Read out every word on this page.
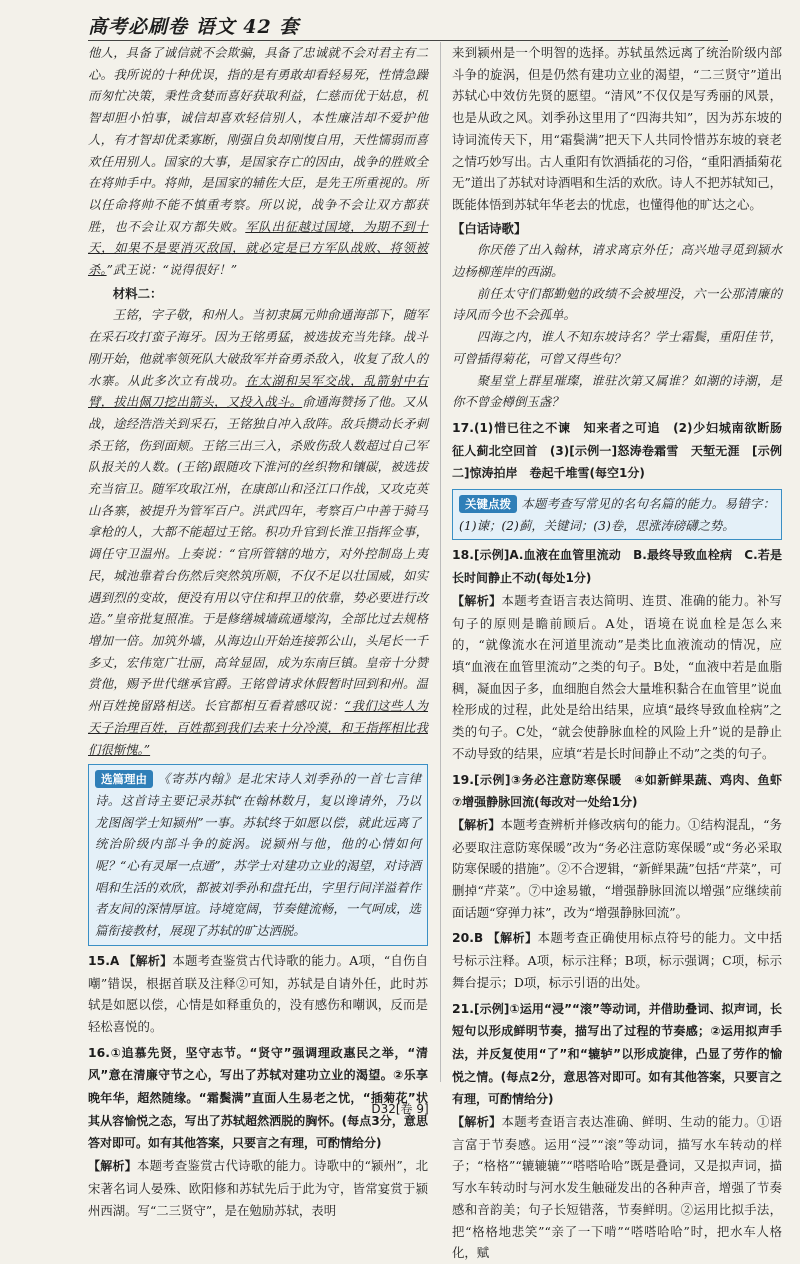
高考必刷卷 语文 42 套

他人，具备了诚信就不会欺骗，具备了忠诚就不会对君主有二心。我所说的十种优误，指的是有勇敢却看轻易死，性情急躁而匆忙决策，秉性贪婪而喜好获取利益，仁慈而优于姑息，机智却胆小怕事，诚信却喜欢轻信别人，本性廉洁却不爱护他人，有才智却优柔寡断，刚强自负却刚愎自用，天性懦弱而喜欢任用别人。国家的大事，是国家存亡的因由，战争的胜败全在将帅手中。将帅，是国家的辅佐大臣，是先王所重视的。所以任命将帅不能不慎重考察。所以说，战争不会让双方都获胜，也不会让双方都失败。军队出征越过国境，为期不到十天，如果不是要消灭敌国，就必定是已方军队战败、将领被杀。”武王说：“说得很好！”

材料二：

王铭，字子敬，和州人。当初隶属元帅俞通海部下，随军在采石攻打蛮子海牙。因为王铭勇猛，被选拔充当先锋。战斗刚开始，他就率领死队大破敌军并奋勇杀敌入，收复了敌人的水寨。从此多次立有战功。在太湖和吴军交战，乱箭射中右臂，拔出佩刀挖出箭头，又投入战斗。俞通海赞扬了他。又从战，途经浩浩关到采石，王铭独自冲入敌阵。敌兵攒动长矛刺杀王铭，伤到面颊。王铭三出三入，杀败伤敌人数超过自己军队报关的人数。(王铭)跟随攻下淮河的丝织物和镶碳，被选拔充当宿卫。随军攻取江州，在康郎山和泾江口作战，又攻克英山各寨，被提升为管军百户。洪武四年，考察百户中善于骑马拿枪的人，大都不能超过王铭。积功升官到长淮卫指挥佥事，调任守卫温州。上奏说：“官所管辖的地方，对外控制岛上夷民，城池靠着台伤然后突然筑所顺，不仅不足以壮国威，如实遇到烈的变故，便没有用以守住和捍卫的依靠，势必要进行改造。”皇帝批复照准。于是修缮城墙疏通壕沟，全部比过去规格增加一倍。加筑外墙，从海边山开始连接郭公山，头尾长一千多丈，宏伟宽广壮丽，高耸显固，成为东南巨镇。皇帝十分赞赏他，赐予世代继承官爵。王铭曾请求休假暂时回到和州。温州百姓挽留路相送。长官都相互看着感叹说：“我们这些人为天子治理百姓，百姓都到我们去来十分冷漠，和王指挥相比我们很惭愧。”

选篇理由 《寄苏内翰》是北宋诗人刘季孙的一首七言律诗。这首诗主要记录苏轼“在翰林数月，复以谗请外，乃以龙图阁学士知颍州”一事。苏轼终于如愿以偿，就此远离了统治阶级内部斗争的旋涡。说颍州与他，他的心情如何呢？“心有灵犀一点通”，苏学士对建功立业的渴望，对诗酒唱和生活的欢欣，都被刘季孙和盘托出，字里行间洋溢着作者友间的深情厚谊。诗境宽阔，节奏健流畅，一气呵成，选篇衔接教材，展现了苏轼的旷达洒脱。

15.A 【解析】本题考查鉴赏古代诗歌的能力。A项，“自伤自嘲”错误，根据首联及注释②可知，苏轼是自请外任，此时苏轼是如愿以偿，心情是如释重负的，没有感伤和嘲讽，反而是轻松喜悦的。

16.①追慕先贤，坚守志节。“贤守”强调理政惠民之举，“清风”意在清廉守节之心，写出了苏轼对建功立业的渴望。②乐享晚年华，超然随缘。“霜鬓满”直面人生易老之忧，“插菊花”状其从容愉悦之态，写出了苏轼超然洒脱的胸怀。(每点3分，意思答对即可。如有其他答案，只要言之有理，可酌情给分)

【解析】本题考查鉴赏古代诗歌的能力。诗歌中的“颍州”，北宋著名词人晏殊、欧阳修和苏轼先后于此为守，皆常宴赏于颍州西湖。写“二三贤守”，是在勉励苏轼，表明

来到颍州是一个明智的选择。苏轼虽然远离了统治阶级内部斗争的旋涡，但是仍然有建功立业的渴望，“二三贤守”道出苏轼心中效仿先贤的愿望。“清风”不仅仅是写秀丽的风景，也是从政之风。刘季孙这里用了“四海共知”，因为苏东坡的诗词流传天下，用“霜鬓满”把天下人共同怜惜苏东坡的衰老之情巧妙写出。古人重阳有饮酒插花的习俗，“重阳酒插菊花无”道出了苏轼对诗酒唱和生活的欢欣。诗人不把苏轼知己，既能体悟到苏轼年华老去的忧虑，也懂得他的旷达之心。

【白话诗歌】

你厌倦了出入翰林，请求离京外任；高兴地寻觅到颍水边杨柳莲岸的西湖。

前任太守们都勤勉的政绩不会被埋没，六一公那清廉的诗风而今也不会孤单。

四海之内，谁人不知东坡诗名？学士霜鬓，重阳佳节，可曾插得菊花，可曾又得些句？

聚星堂上群星璀璨，谁驻次第又属谁？如潮的诗潮，是你不曾金樽倒玉盏？

17.(1)惜已往之不谏　知来者之可追　(2)少妇城南欲断肠　征人蓟北空回首　(3)[示例一]怒涛卷霜雪　天堑无涯　[示例二]惊涛拍岸　卷起千堆雪(每空1分)

关键点拨 本题考查写常见的名句名篇的能力。易错字：(1)谏；(2)蓟，关键词；(3)卷，思涨涛磅礴之势。

18.[示例]A.血液在血管里流动　B.最终导致血栓病　C.若是长时间静止不动(每处1分)

【解析】本题考查语言表达简明、连贯、准确的能力。补写句子的原则是瞻前顾后。A处，语境在说血栓是怎么来的，“就像流水在河道里流动”是类比血液流动的情况，应填“血液在血管里流动”之类的句子。B处，“血液中若是血脂稠，凝血因子多，血细胞自然会大量堆积黏合在血管里”说血栓形成的过程，此处是给出结果，应填“最终导致血栓病”之类的句子。C处，“就会使静脉血栓的风险上升”说的是静止不动导致的结果，应填“若是长时间静止不动”之类的句子。

19.[示例]③务必注意防寒保暖　④如新鲜果蔬、鸡肉、鱼虾　⑦增强静脉回流(每改对一处给1分)

【解析】本题考查辨析并修改病句的能力。①结构混乱，“务必要取注意防寒保暖”改为“务必注意防寒保暖”或“务必采取防寒保暖的措施”。②不合逻辑，“新鲜果蔬”包括“芹菜”，可删掉“芹菜”。⑦中途易辙，“增强静脉回流以增强”应继续前面话题“穿弹力袜”，改为“增强静脉回流”。

20.B 【解析】本题考查正确使用标点符号的能力。文中括号标示注释。A项，标示注释；B项，标示强调；C项，标示舞台提示；D项，标示引语的出处。

21.[示例]①运用“浸”“滚”等动词，并借助叠词、拟声词，长短句以形成鲜明节奏，描写出了过程的节奏感；②运用拟声手法，并反复使用“了”和“辘轳”以形成旋律，凸显了劳作的愉悦之情。(每点2分，意思答对即可。如有其他答案，只要言之有理，可酌情给分)

【解析】本题考查语言表达准确、鲜明、生动的能力。①语言富于节奏感。运用“浸”“滚”等动词，描写水车转动的样子；“格格”“辘辘辘”“嗒嗒哈哈”既是叠词，又是拟声词，描写水车转动时与河水发生触碰发出的各种声音，增强了节奏感和音韵美；句子长短错落，节奏鲜明。②运用比拟手法，把“格格地悲笑”“亲了一下啃”“嗒嗒哈哈”时，把水车人格化，赋

D32[卷 9]
